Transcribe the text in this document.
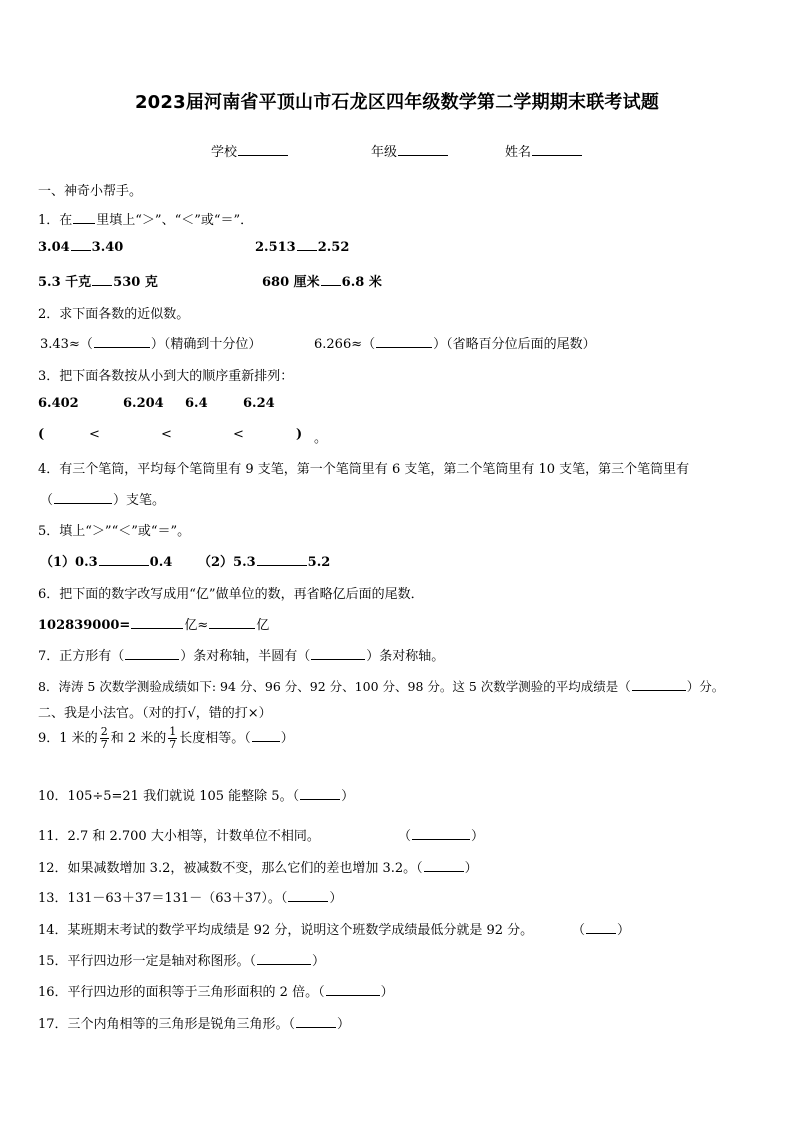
2023届河南省平顶山市石龙区四年级数学第二学期期末联考试题
学校	年级	姓名
一、神奇小帮手。
1．在 里填上“＞”、“＜”或“＝”．
3.04 3.40	2.513 2.52
5.3 千克 530 克	680 厘米 6.8 米
2．求下面各数的近似数。
3.43≈（	）（精确到十分位）	6.266≈（	）（省略百分位后面的尾数）
3．把下面各数按从小到大的顺序重新排列：
6.402	6.204 6.4	6.24
(	<	<	<	) 。
4．有三个笔筒，平均每个笔筒里有 9 支笔，第一个笔筒里有 6 支笔，第二个笔筒里有 10 支笔，第三个笔筒里有
（	）支笔。
5．填上“＞”“＜”或“＝”。
（1）0.3	0.4 （2）5.3	5.2
6．把下面的数字改写成用“亿”做单位的数，再省略亿后面的尾数．
102839000=	亿≈	亿
7．正方形有（	）条对称轴，半圆有（	）条对称轴。
8．涛涛 5 次数学测验成绩如下: 94 分、96 分、92 分、100 分、98 分。这 5 次数学测验的平均成绩是（	）分。
二、我是小法官。（对的打√，错的打×）
9．1 米的 $\frac{2}{7}$ 和 2 米的 $\frac{1}{7}$ 长度相等。（ ）
10．105÷5=21 我们就说 105 能整除 5。（	）
11．2.7 和 2.700 大小相等，计数单位不相同。	（	）
12．如果减数增加 3.2，被减数不变，那么它们的差也增加 3.2。（	）
13．131－63＋37＝131－（63＋37）。（	）
14．某班期末考试的数学平均成绩是 92 分，说明这个班数学成绩最低分就是 92 分。	（ ）
15．平行四边形一定是轴对称图形。（	）
16．平行四边形的面积等于三角形面积的 2 倍。（	）
17．三个内角相等的三角形是锐角三角形。（	）
